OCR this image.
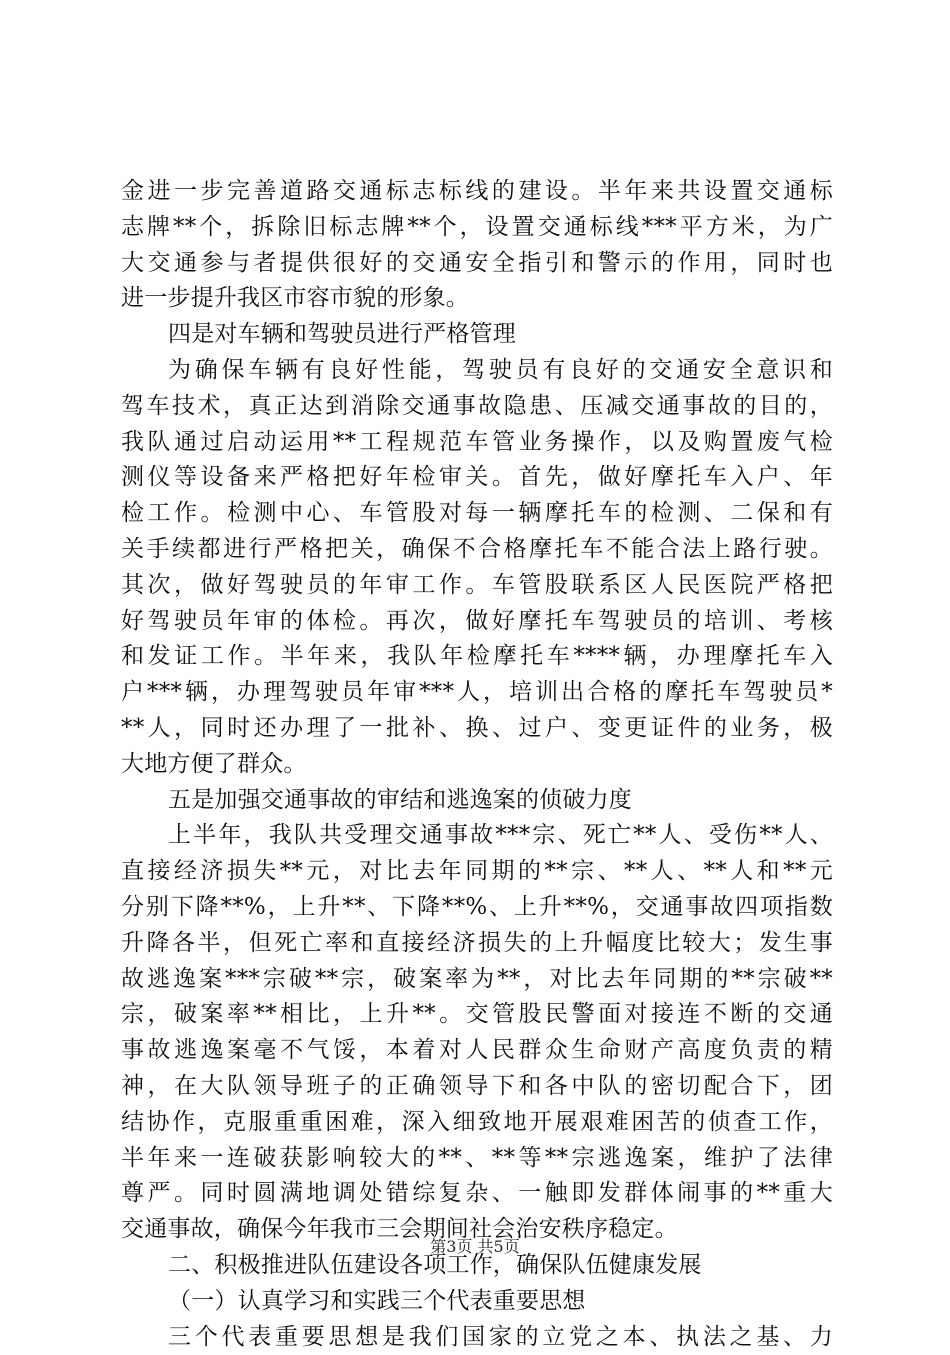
金进一步完善道路交通标志标线的建设。半年来共设置交通标
志牌**个，拆除旧标志牌**个，设置交通标线***平方米，为广
大交通参与者提供很好的交通安全指引和警示的作用，同时也
进一步提升我区市容市貌的形象。
四是对车辆和驾驶员进行严格管理
为确保车辆有良好性能，驾驶员有良好的交通安全意识和
驾车技术，真正达到消除交通事故隐患、压减交通事故的目的，
我队通过启动运用**工程规范车管业务操作，以及购置废气检
测仪等设备来严格把好年检审关。首先，做好摩托车入户、年
检工作。检测中心、车管股对每一辆摩托车的检测、二保和有
关手续都进行严格把关，确保不合格摩托车不能合法上路行驶。
其次，做好驾驶员的年审工作。车管股联系区人民医院严格把
好驾驶员年审的体检。再次，做好摩托车驾驶员的培训、考核
和发证工作。半年来，我队年检摩托车****辆，办理摩托车入
户***辆，办理驾驶员年审***人，培训出合格的摩托车驾驶员*
**人，同时还办理了一批补、换、过户、变更证件的业务，极
大地方便了群众。
五是加强交通事故的审结和逃逸案的侦破力度
上半年，我队共受理交通事故***宗、死亡**人、受伤**人、
直接经济损失**元，对比去年同期的**宗、**人、**人和**元
分别下降**%，上升**、下降**%、上升**%，交通事故四项指数
升降各半，但死亡率和直接经济损失的上升幅度比较大；发生事
故逃逸案***宗破**宗，破案率为**，对比去年同期的**宗破**
宗，破案率**相比，上升**。交管股民警面对接连不断的交通
事故逃逸案毫不气馁，本着对人民群众生命财产高度负责的精
神，在大队领导班子的正确领导下和各中队的密切配合下，团
结协作，克服重重困难，深入细致地开展艰难困苦的侦查工作，
半年来一连破获影响较大的**、**等**宗逃逸案，维护了法律
尊严。同时圆满地调处错综复杂、一触即发群体闹事的**重大
交通事故，确保今年我市三会期间社会治安秩序稳定。
二、积极推进队伍建设各项工作，确保队伍健康发展
（一）认真学习和实践三个代表重要思想
三个代表重要思想是我们国家的立党之本、执法之基、力
第3页 共5页
